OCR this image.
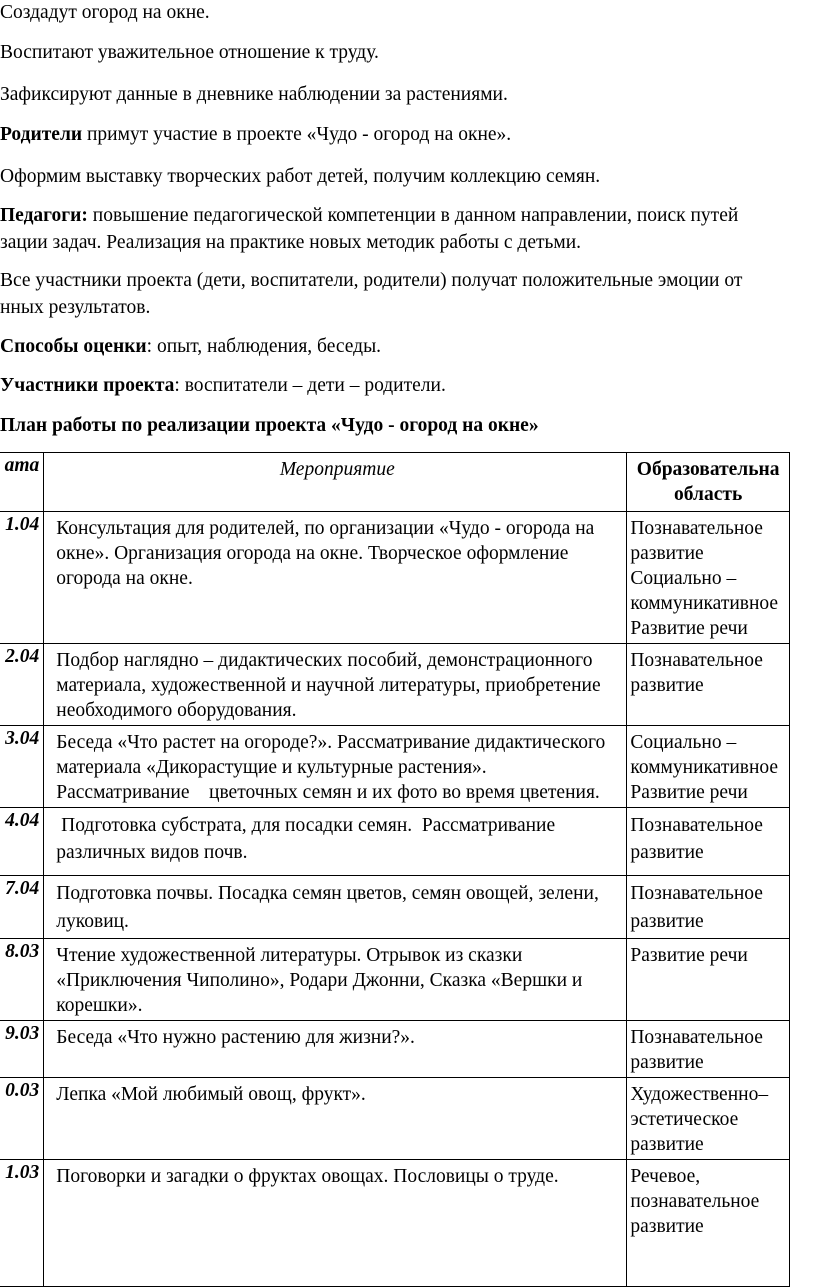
Создадут огород на окне.
Воспитают уважительное отношение к труду.
Зафиксируют данные в дневнике наблюдении за растениями.
Родители примут участие в проекте «Чудо - огород на окне».
Оформим выставку творческих работ детей, получим коллекцию семян.
Педагоги: повышение педагогической компетенции в данном направлении, поиск путей
зации задач. Реализация на практике новых методик работы с детьми.
Все участники проекта (дети, воспитатели, родители) получат положительные эмоции от
нных результатов.
Способы оценки: опыт, наблюдения, беседы.
Участники проекта: воспитатели – дети – родители.
План работы по реализации проекта «Чудо - огород на окне»
ата	Мероприятие	Образовательна
область

1.04	Консультация для родителей, по организации «Чудо - огорода на окне». Организация огорода на окне. Творческое оформление огорода на окне.	Познавательное
развитие
Социально –
коммуникативное
Развитие речи

2.04	Подбор наглядно – дидактических пособий, демонстрационного материала, художественной и научной литературы, приобретение необходимого оборудования.	Познавательное
развитие

3.04	Беседа «Что растет на огороде?». Рассматривание дидактического материала «Дикорастущие и культурные растения». Рассматривание    цветочных семян и их фото во время цветения.	Социально –
коммуникативное
Развитие речи

4.04	Подготовка субстрата, для посадки семян.  Рассматривание различных видов почв.	Познавательное
развитие

7.04	Подготовка почвы. Посадка семян цветов, семян овощей, зелени, луковиц.	Познавательное
развитие

8.03	Чтение художественной литературы. Отрывок из сказки «Приключения Чиполино», Родари Джонни, Сказка «Вершки и корешки».	Развитие речи

9.03	Беседа «Что нужно растению для жизни?».	Познавательное
развитие

0.03	Лепка «Мой любимый овощ, фрукт».	Художественно–
эстетическое
развитие

1.03	Поговорки и загадки о фруктах овощах. Пословицы о труде.	Речевое,
познавательное
развитие
